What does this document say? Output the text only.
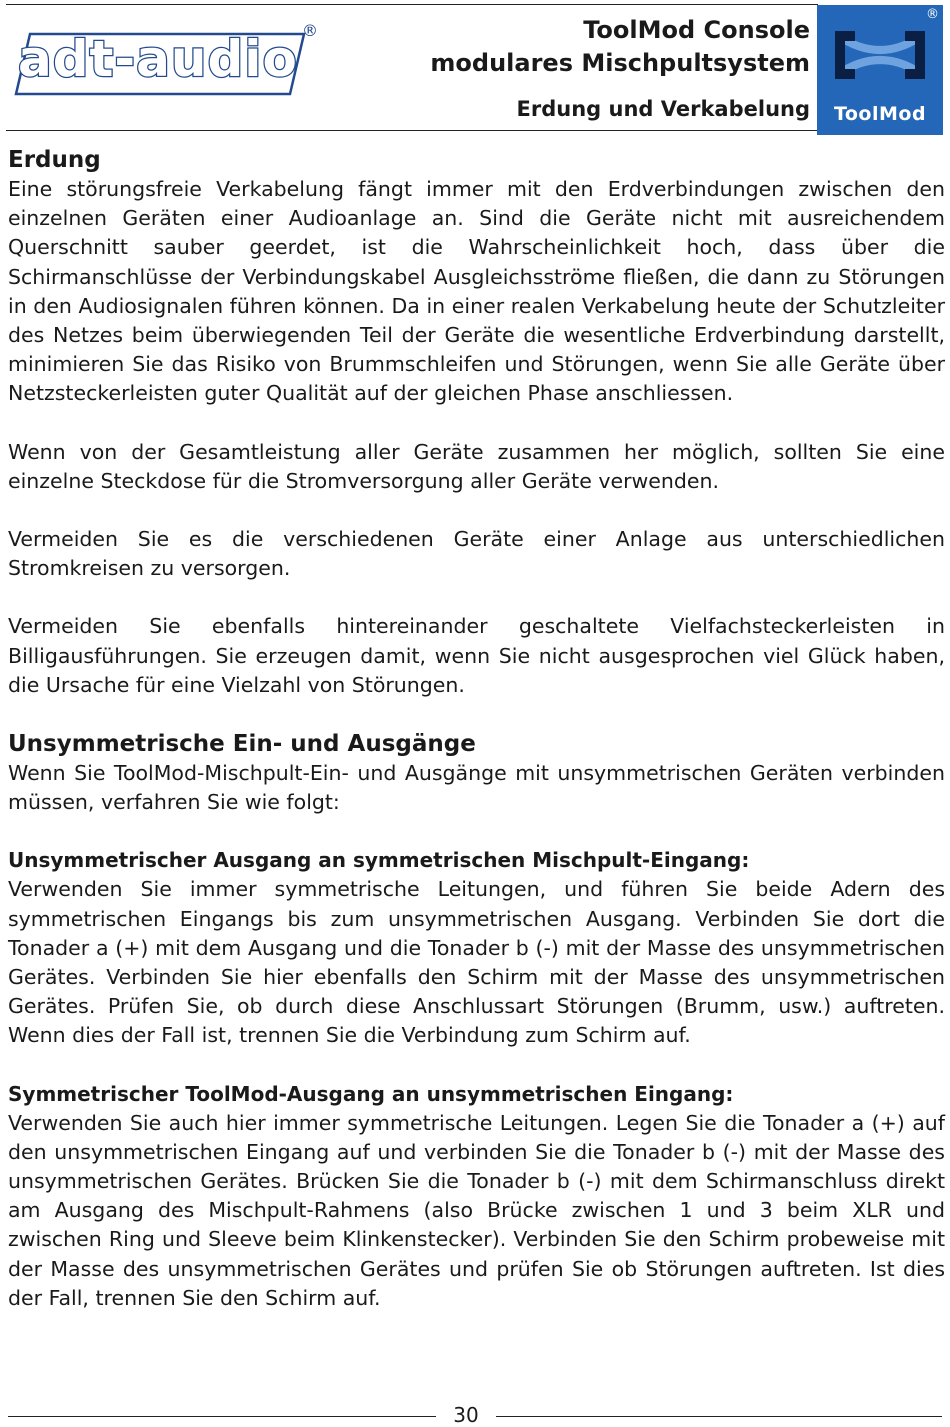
adt-audio ®	ToolMod Console
modulares Mischpultsystem
Erdung und Verkabelung
®
ToolMod
Erdung

Eine störungsfreie Verkabelung fängt immer mit den Erdverbindungen zwischen den einzelnen Geräten einer Audioanlage an. Sind die Geräte nicht mit ausreichendem Querschnitt sauber geerdet, ist die Wahrscheinlichkeit hoch, dass über die Schirmanschlüsse der Verbindungskabel Ausgleichsströme fließen, die dann zu Störungen in den Audiosignalen führen können. Da in einer realen Verkabelung heute der Schutzleiter des Netzes beim überwiegenden Teil der Geräte die wesentliche Erdverbindung darstellt, minimieren Sie das Risiko von Brummschleifen und Störungen, wenn Sie alle Geräte über Netzsteckerleisten guter Qualität auf der gleichen Phase anschliessen.

Wenn von der Gesamtleistung aller Geräte zusammen her möglich, sollten Sie eine einzelne Steckdose für die Stromversorgung aller Geräte verwenden.

Vermeiden Sie es die verschiedenen Geräte einer Anlage aus unterschiedlichen Stromkreisen zu versorgen.

Vermeiden Sie ebenfalls hintereinander geschaltete Vielfachsteckerleisten in Billigausführungen. Sie erzeugen damit, wenn Sie nicht ausgesprochen viel Glück haben, die Ursache für eine Vielzahl von Störungen.

Unsymmetrische Ein- und Ausgänge

Wenn Sie ToolMod-Mischpult-Ein- und Ausgänge mit unsymmetrischen Geräten verbinden müssen, verfahren Sie wie folgt:

Unsymmetrischer Ausgang an symmetrischen Mischpult-Eingang:

Verwenden Sie immer symmetrische Leitungen, und führen Sie beide Adern des symmetrischen Eingangs bis zum unsymmetrischen Ausgang. Verbinden Sie dort die Tonader a (+) mit dem Ausgang und die Tonader b (-) mit der Masse des unsymmetrischen Gerätes. Verbinden Sie hier ebenfalls den Schirm mit der Masse des unsymmetrischen Gerätes. Prüfen Sie, ob durch diese Anschlussart Störungen (Brumm, usw.) auftreten. Wenn dies der Fall ist, trennen Sie die Verbindung zum Schirm auf.

Symmetrischer ToolMod-Ausgang an unsymmetrischen Eingang:

Verwenden Sie auch hier immer symmetrische Leitungen. Legen Sie die Tonader a (+) auf den unsymmetrischen Eingang auf und verbinden Sie die Tonader b (-) mit der Masse des unsymmetrischen Gerätes. Brücken Sie die Tonader b (-) mit dem Schirmanschluss direkt am Ausgang des Mischpult-Rahmens (also Brücke zwischen 1 und 3 beim XLR und zwischen Ring und Sleeve beim Klinkenstecker). Verbinden Sie den Schirm probeweise mit der Masse des unsymmetrischen Gerätes und prüfen Sie ob Störungen auftreten. Ist dies der Fall, trennen Sie den Schirm auf.

30
